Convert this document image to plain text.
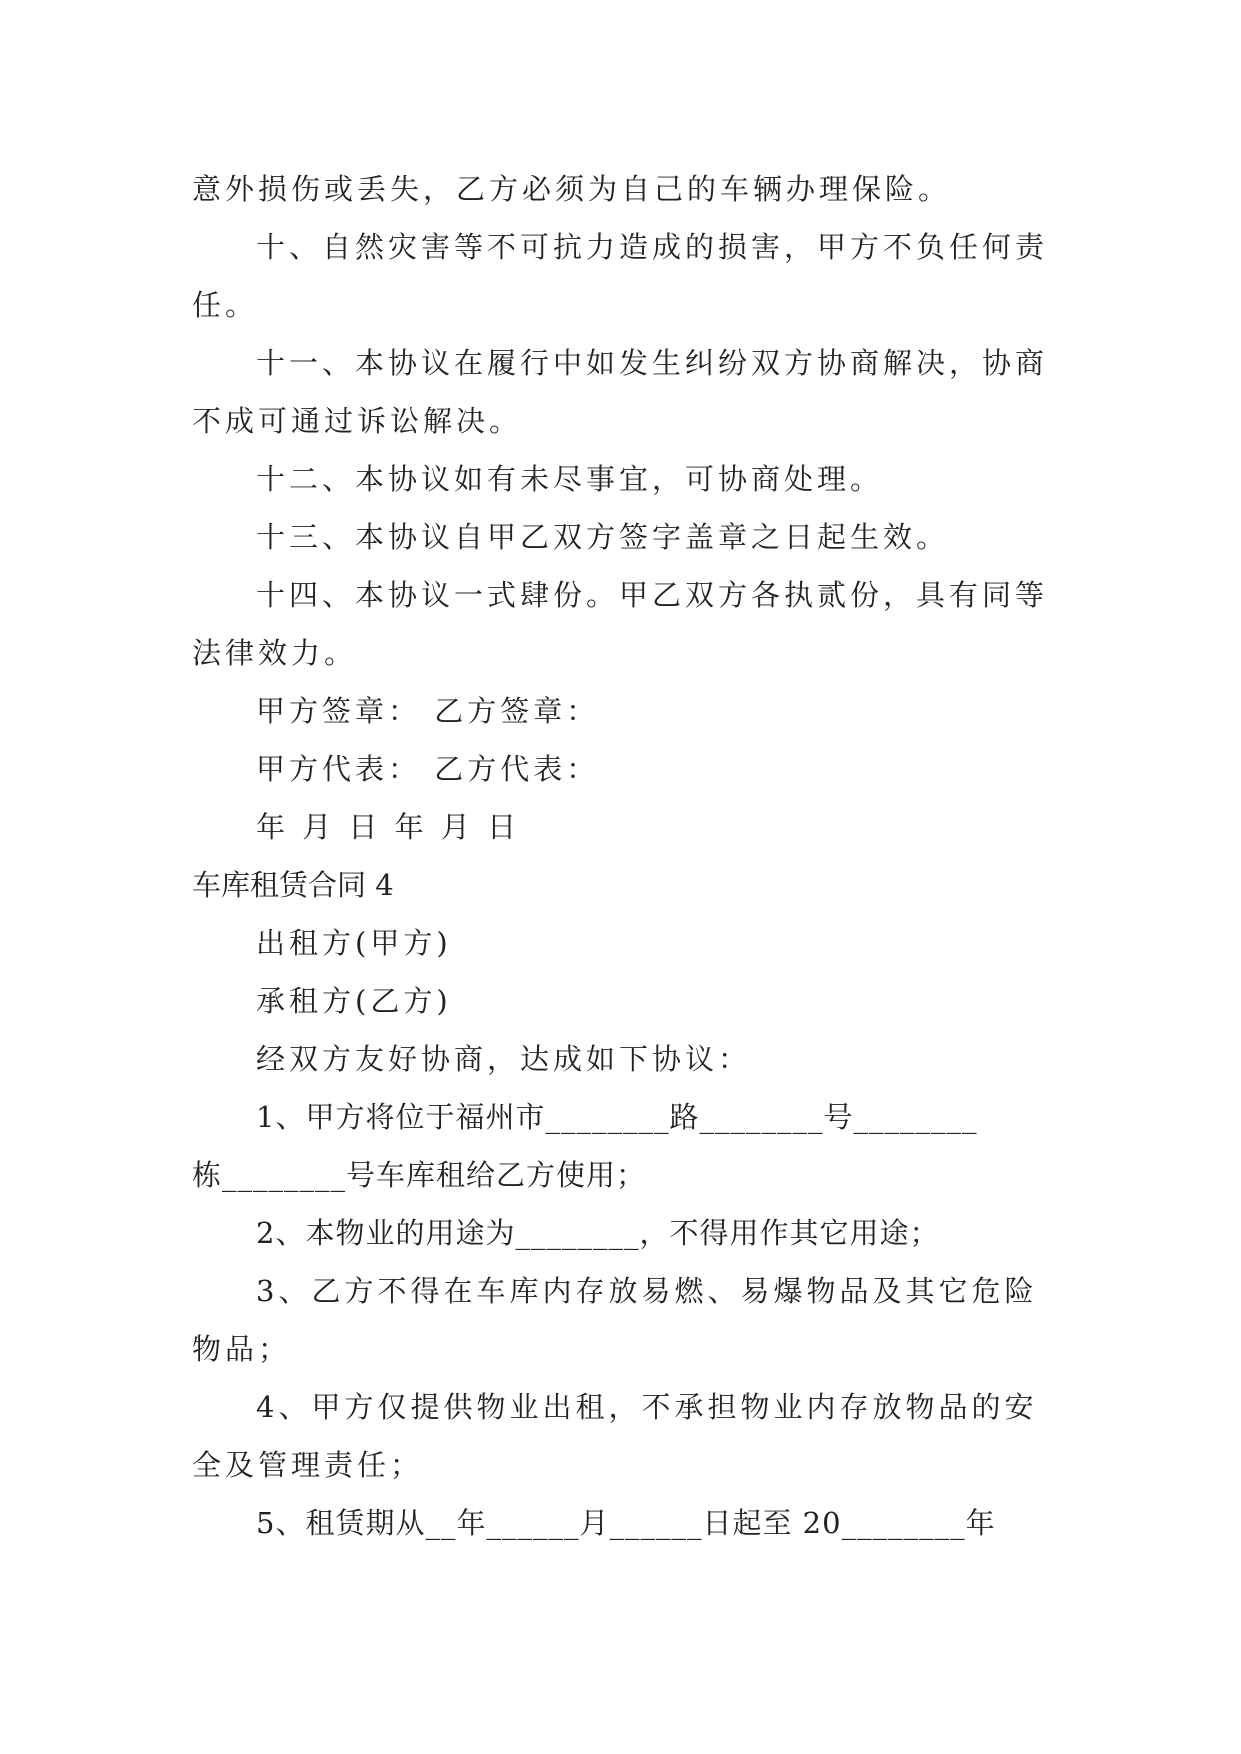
意外损伤或丢失，乙方必须为自己的车辆办理保险。
十、自然灾害等不可抗力造成的损害，甲方不负任何责
任。
十一、本协议在履行中如发生纠纷双方协商解决，协商
不成可通过诉讼解决。
十二、本协议如有未尽事宜，可协商处理。
十三、本协议自甲乙双方签字盖章之日起生效。
十四、本协议一式肆份。甲乙双方各执贰份，具有同等
法律效力。
甲方签章： 乙方签章：
甲方代表： 乙方代表：
年 月 日 年 月 日
车库租赁合同 4
出租方(甲方)
承租方(乙方)
经双方友好协商，达成如下协议：
1、甲方将位于福州市________路________号________
栋________号车库租给乙方使用；
2、本物业的用途为________，不得用作其它用途；
3、乙方不得在车库内存放易燃、易爆物品及其它危险
物品；
4、甲方仅提供物业出租，不承担物业内存放物品的安
全及管理责任；
5、租赁期从__年______月______日起至 20________年
